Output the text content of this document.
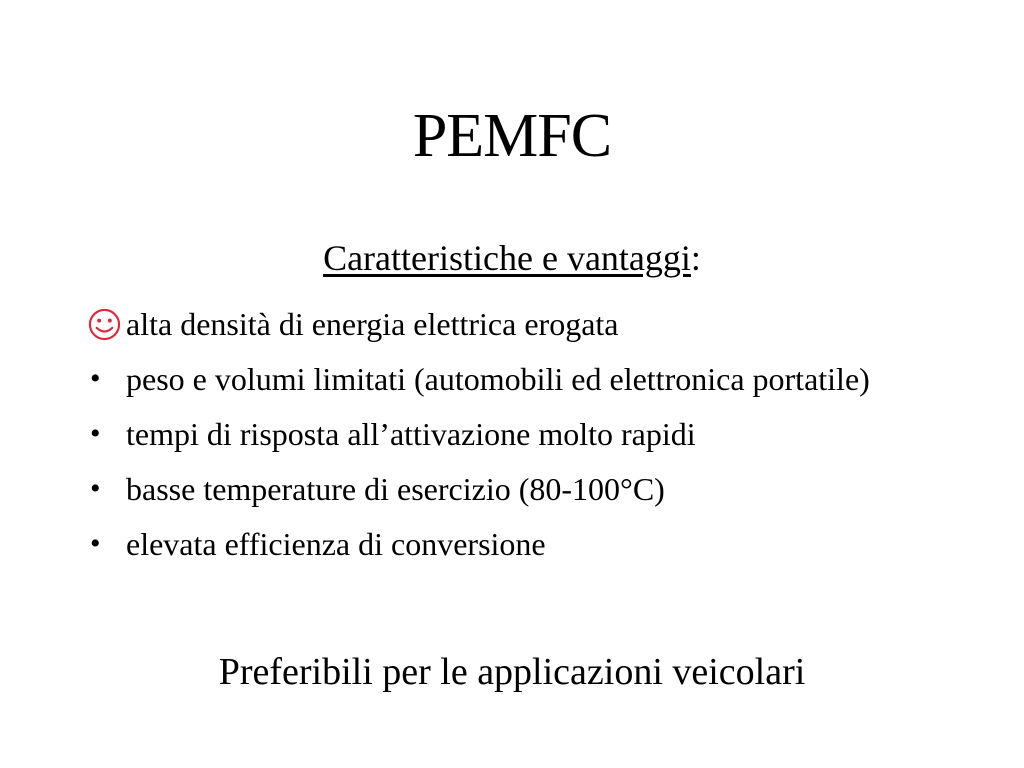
PEMFC
Caratteristiche e vantaggi:
alta densità di energia elettrica erogata
• peso e volumi limitati (automobili ed elettronica portatile)
• tempi di risposta all’attivazione molto rapidi
• basse temperature di esercizio (80-100°C)
• elevata efficienza di conversione
Preferibili per le applicazioni veicolari
